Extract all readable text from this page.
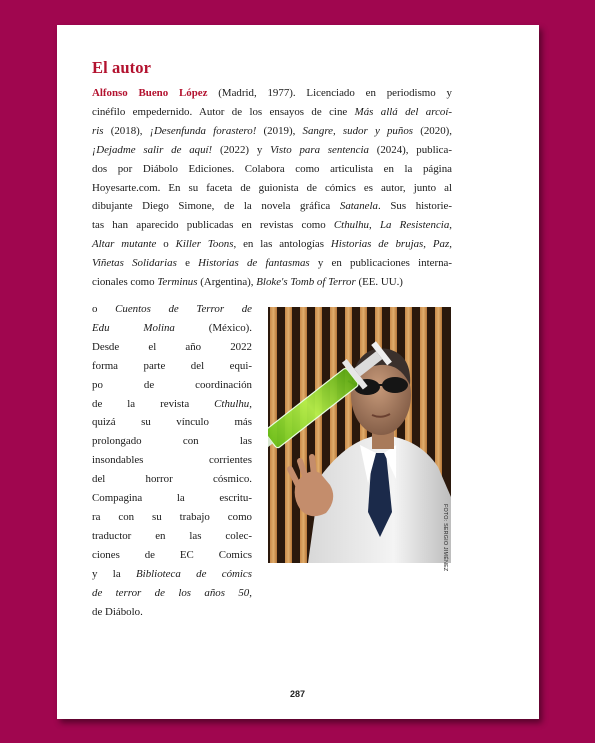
El autor

Alfonso Bueno López (Madrid, 1977). Licenciado en periodismo y

cinéfilo empedernido. Autor de los ensayos de cine Más allá del arcoí-

ris (2018), ¡Desenfunda forastero! (2019), Sangre, sudor y puños (2020),

¡Dejadme salir de aquí! (2022) y Visto para sentencia (2024), publica-

dos por Diábolo Ediciones. Colabora como articulista en la página

Hoyesarte.com. En su faceta de guionista de cómics es autor, junto al

dibujante Diego Simone, de la novela gráfica Satanela. Sus historie-

tas han aparecido publicadas en revistas como Cthulhu, La Resistencia,

Altar mutante o Killer Toons, en las antologías Historias de brujas, Paz,

Viñetas Solidarias e Historias de fantasmas y en publicaciones interna-

cionales como Terminus (Argentina), Bloke's Tomb of Terror (EE. UU.)

o Cuentos de Terror de

Edu Molina (México).

Desde el año 2022

forma parte del equi-

po de coordinación

de la revista Cthulhu,

quizá su vínculo más

prolongado con las

insondables corrientes

del horror cósmico.

Compagina la escritu-

ra con su trabajo como

traductor en las colec-

ciones de EC Comics

y la Biblioteca de cómics

de terror de los años 50,

de Diábolo.

FOTO: SERGIO JIMÉNEZ
287
